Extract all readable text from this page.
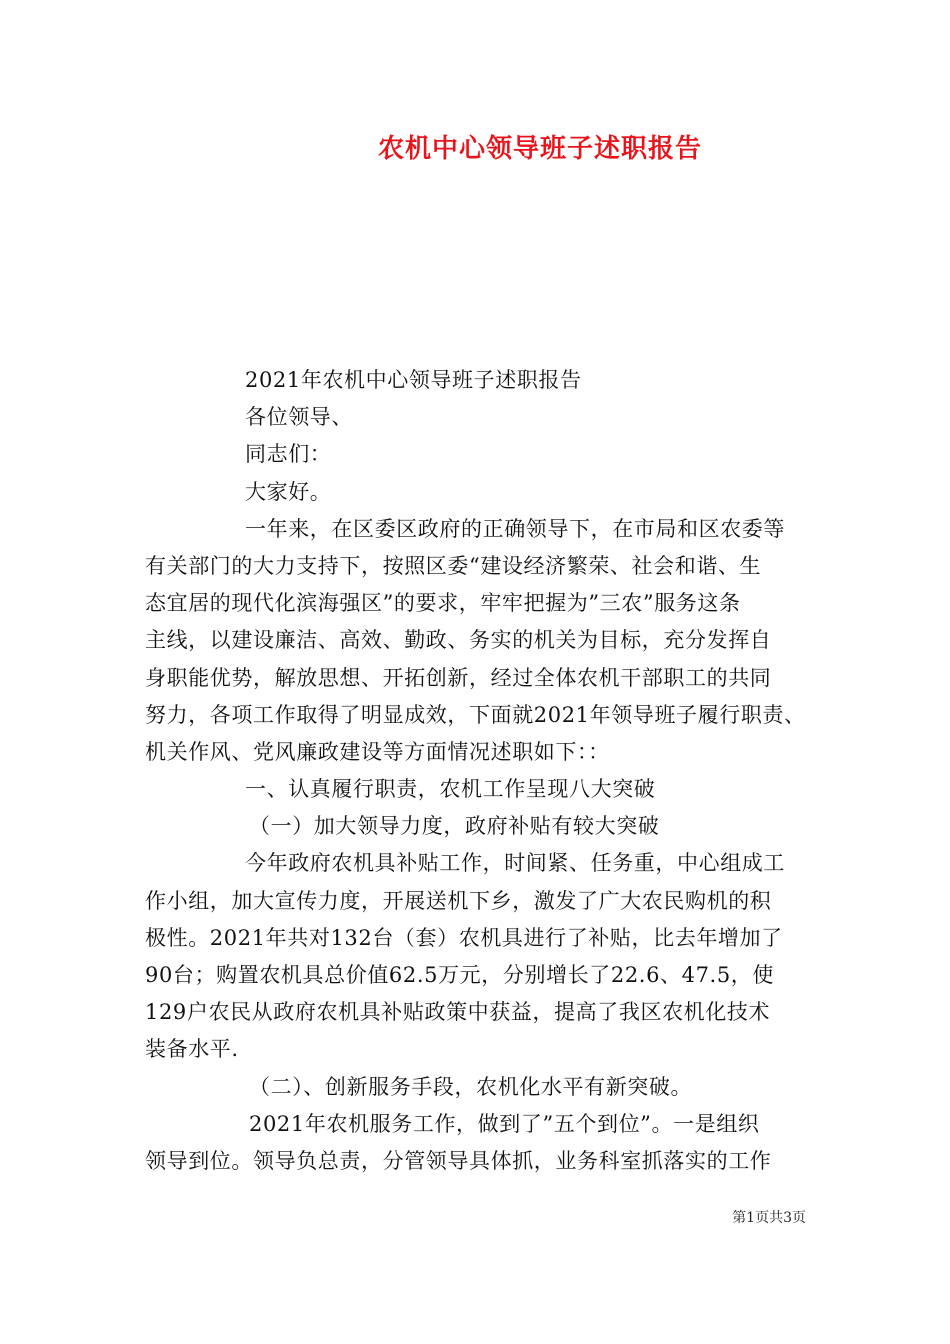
农机中心领导班子述职报告

2021年农机中心领导班子述职报告

各位领导、

同志们：

大家好。

一年来，在区委区政府的正确领导下，在市局和区农委等

有关部门的大力支持下，按照区委“建设经济繁荣、社会和谐、生

态宜居的现代化滨海强区”的要求，牢牢把握为”三农”服务这条

主线，以建设廉洁、高效、勤政、务实的机关为目标，充分发挥自

身职能优势，解放思想、开拓创新，经过全体农机干部职工的共同

努力，各项工作取得了明显成效，下面就2021年领导班子履行职责、

机关作风、党风廉政建设等方面情况述职如下：：

一、认真履行职责，农机工作呈现八大突破

（一）加大领导力度，政府补贴有较大突破

今年政府农机具补贴工作，时间紧、任务重，中心组成工

作小组，加大宣传力度，开展送机下乡，激发了广大农民购机的积

极性。2021年共对132台（套）农机具进行了补贴，比去年增加了

90台；购置农机具总价值62.5万元，分别增长了22.6、47.5，使

129户农民从政府农机具补贴政策中获益，提高了我区农机化技术

装备水平.

（二）、创新服务手段，农机化水平有新突破。

2021年农机服务工作，做到了”五个到位”。一是组织

领导到位。领导负总责，分管领导具体抓，业务科室抓落实的工作

第1页共3页
